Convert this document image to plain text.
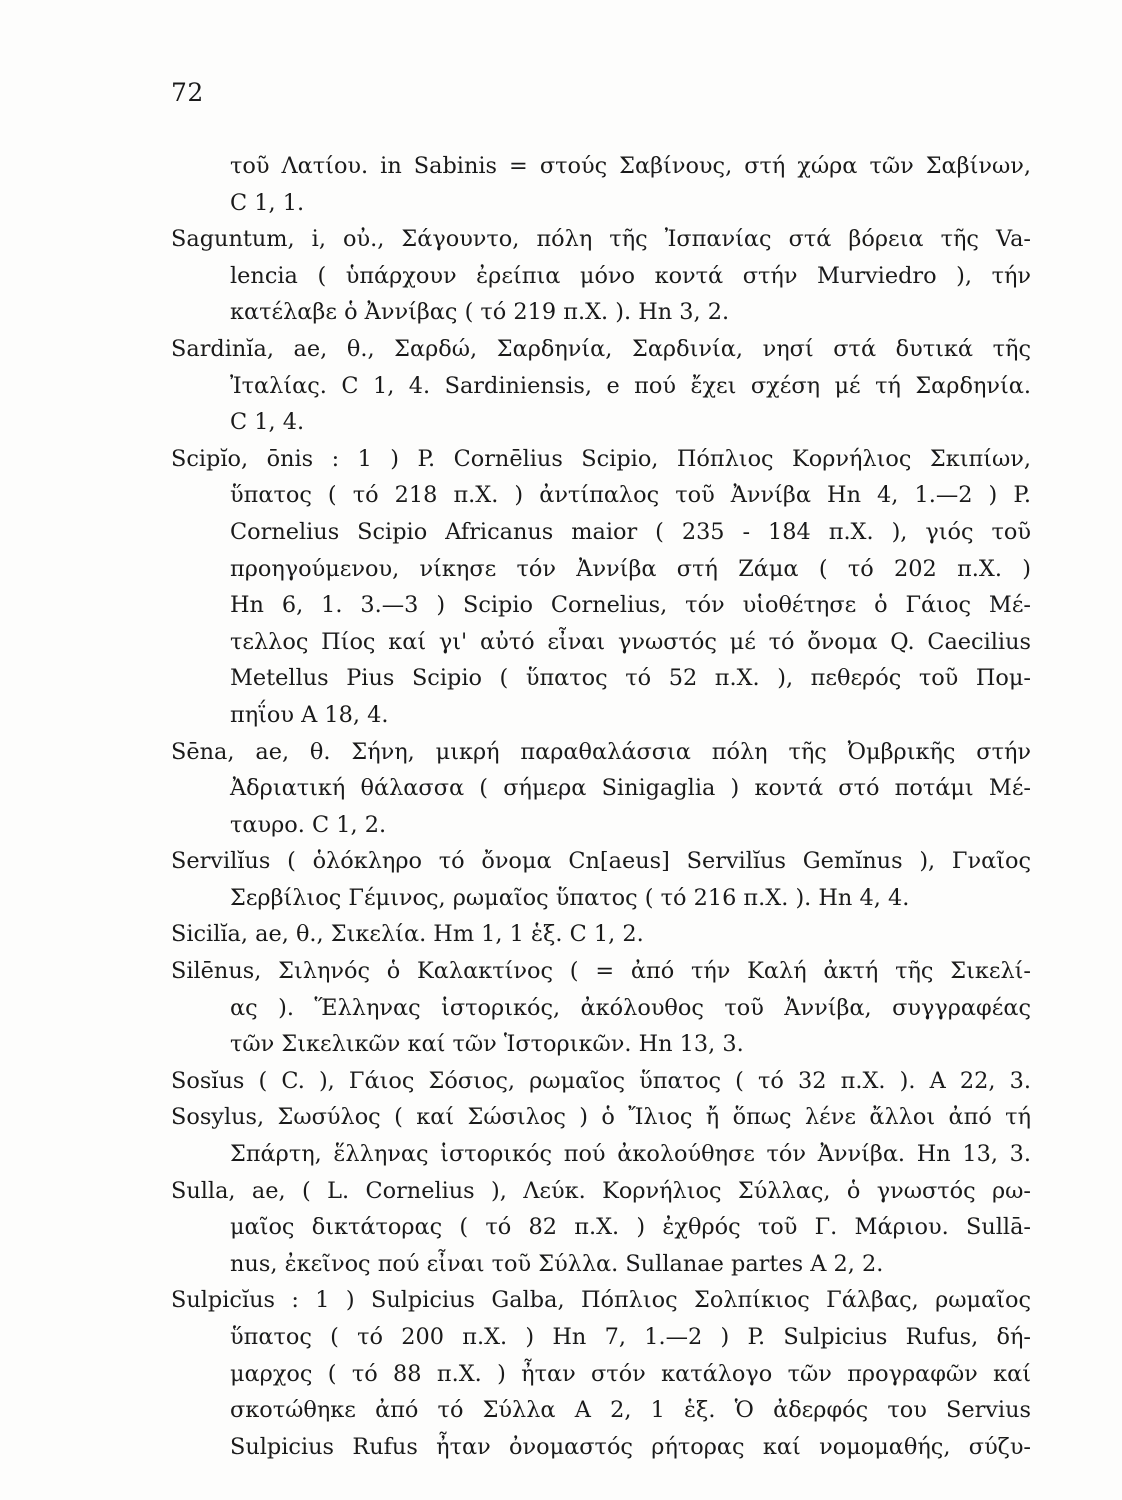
72
τοῦ Λατίου. in Sabinis = στούς Σαβίνους, στή χώρα τῶν Σαβίνων,
C 1, 1.
Saguntum, i, οὐ., Σάγουντο, πόλη τῆς Ἰσπανίας στά βόρεια τῆς Va-
lencia ( ὑπάρχουν ἐρείπια μόνο κοντά στήν Murviedro ), τήν
κατέλαβε ὁ Ἀννίβας ( τό 219 π.Χ. ). Hn 3, 2.
Sardinĭa, ae, θ., Σαρδώ, Σαρδηνία, Σαρδινία, νησί στά δυτικά τῆς
Ἰταλίας. C 1, 4. Sardiniensis, e πού ἔχει σχέση μέ τή Σαρδηνία.
C 1, 4.
Scipĭo, ōnis : 1 ) P. Cornēlius Scipio, Πόπλιος Κορνήλιος Σκιπίων,
ὕπατος ( τό 218 π.Χ. ) ἀντίπαλος τοῦ Ἀννίβα Hn 4, 1.—2 ) P.
Cornelius Scipio Africanus maior ( 235 - 184 π.Χ. ), γιός τοῦ
προηγούμενου, νίκησε τόν Ἀννίβα στή Ζάμα ( τό 202 π.Χ. )
Hn 6, 1. 3.—3 ) Scipio Cornelius, τόν υἱοθέτησε ὁ Γάιος Μέ-
τελλος Πίος καί γι' αὐτό εἶναι γνωστός μέ τό ὄνομα Q. Caecilius
Metellus Pius Scipio ( ὕπατος τό 52 π.Χ. ), πεθερός τοῦ Πομ-
πηΐου A 18, 4.
Sēna, ae, θ. Σήνη, μικρή παραθαλάσσια πόλη τῆς Ὀμβρικῆς στήν
Ἀδριατική θάλασσα ( σήμερα Sinigaglia ) κοντά στό ποτάμι Μέ-
ταυρο. C 1, 2.
Servilĭus ( ὁλόκληρο τό ὄνομα Cn[aeus] Servilĭus Gemĭnus ), Γναῖος
Σερβίλιος Γέμινος, ρωμαῖος ὕπατος ( τό 216 π.Χ. ). Hn 4, 4.
Sicilĭa, ae, θ., Σικελία. Hm 1, 1 ἑξ. C 1, 2.
Silēnus, Σιληνός ὁ Καλακτίνος ( = ἀπό τήν Καλή ἀκτή τῆς Σικελί-
ας ). Ἕλληνας ἱστορικός, ἀκόλουθος τοῦ Ἀννίβα, συγγραφέας
τῶν Σικελικῶν καί τῶν Ἱστορικῶν. Hn 13, 3.
Sosĭus ( C. ), Γάιος Σόσιος, ρωμαῖος ὕπατος ( τό 32 π.Χ. ). A 22, 3.
Sosylus, Σωσύλος ( καί Σώσιλος ) ὁ Ἴλιος ἤ ὅπως λένε ἄλλοι ἀπό τή
Σπάρτη, ἕλληνας ἱστορικός πού ἀκολούθησε τόν Ἀννίβα. Hn 13, 3.
Sulla, ae, ( L. Cornelius ), Λεύκ. Κορνήλιος Σύλλας, ὁ γνωστός ρω-
μαῖος δικτάτορας ( τό 82 π.Χ. ) ἐχθρός τοῦ Γ. Μάριου. Sullā-
nus, ἐκεῖνος πού εἶναι τοῦ Σύλλα. Sullanae partes A 2, 2.
Sulpicĭus : 1 ) Sulpicius Galba, Πόπλιος Σολπίκιος Γάλβας, ρωμαῖος
ὕπατος ( τό 200 π.Χ. ) Hn 7, 1.—2 ) P. Sulpicius Rufus, δή-
μαρχος ( τό 88 π.Χ. ) ἦταν στόν κατάλογο τῶν προγραφῶν καί
σκοτώθηκε ἀπό τό Σύλλα A 2, 1 ἑξ. Ὁ ἀδερφός του Servius
Sulpicius Rufus ἦταν ὀνομαστός ρήτορας καί νομομαθής, σύζυ-
